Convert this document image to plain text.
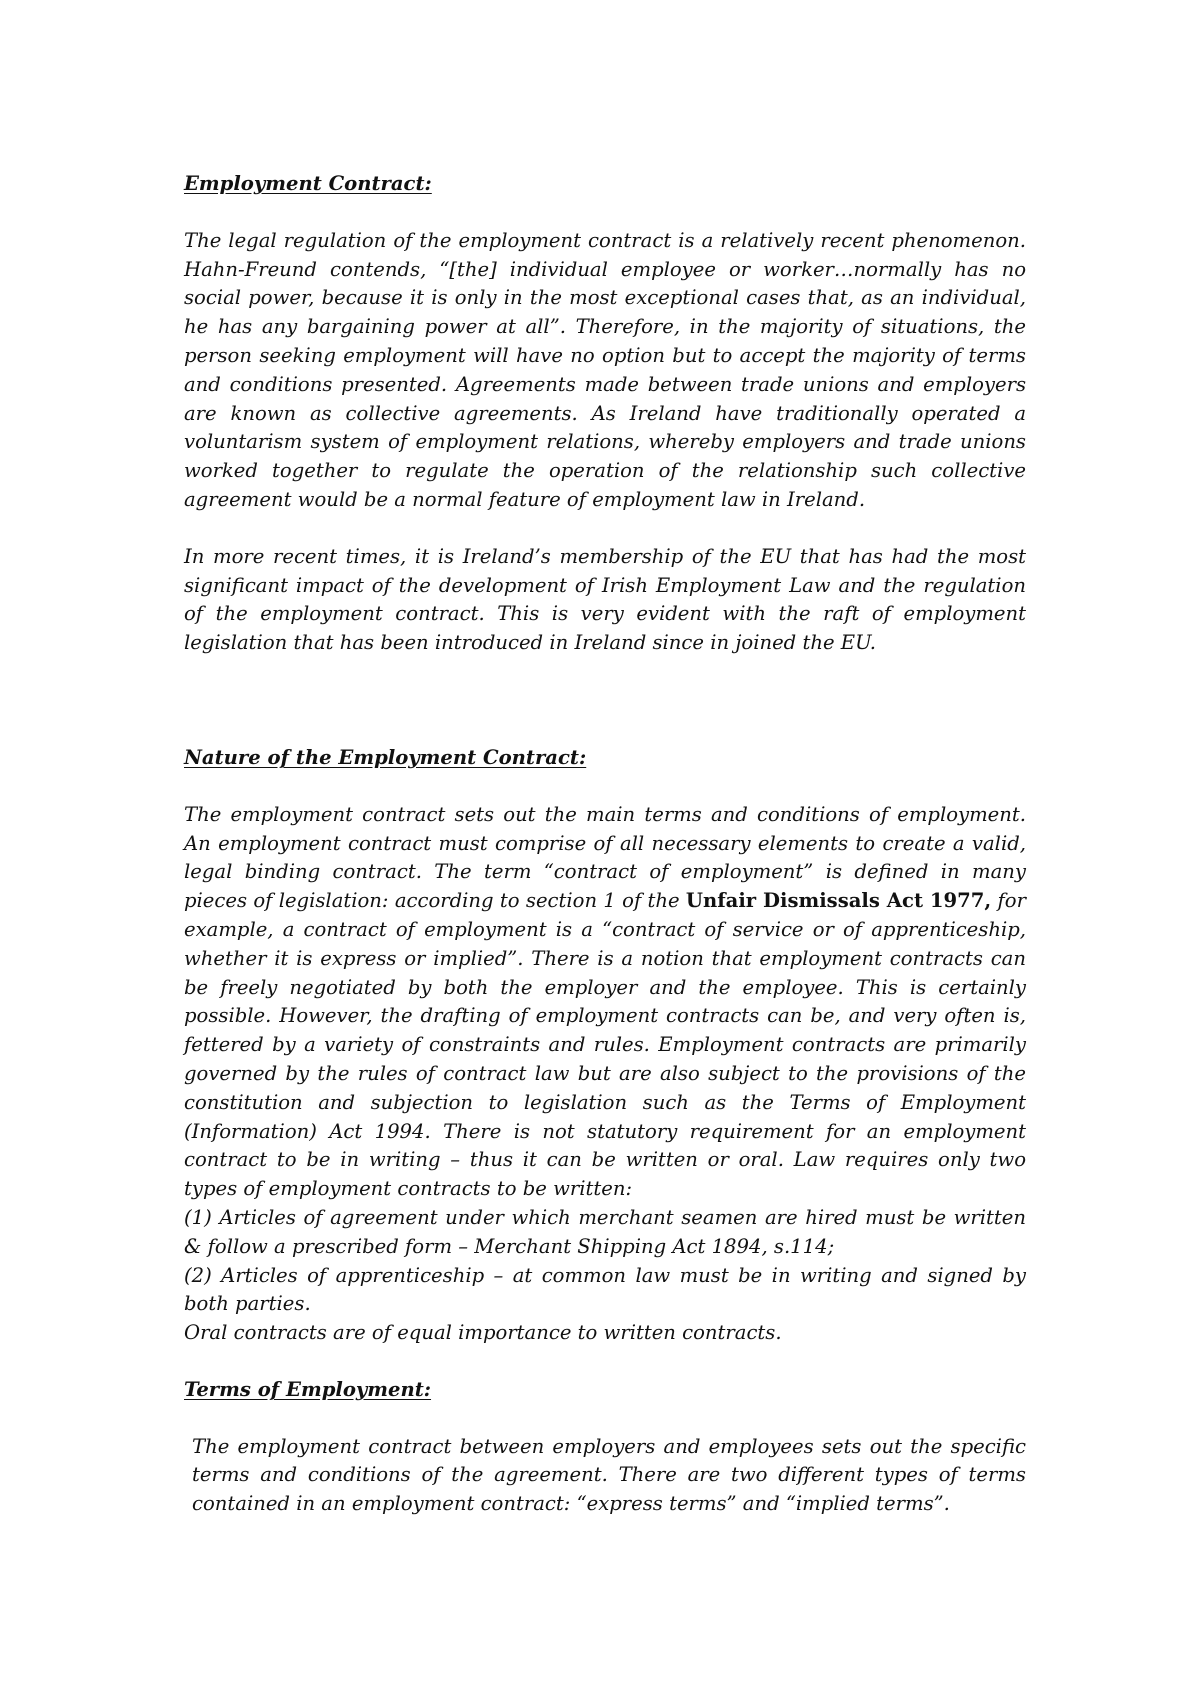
Employment Contract:

The legal regulation of the employment contract is a relatively recent phenomenon. Hahn-Freund contends, “[the] individual employee or worker…normally has no social power, because it is only in the most exceptional cases that, as an individual, he has any bargaining power at all”. Therefore, in the majority of situations, the person seeking employment will have no option but to accept the majority of terms and conditions presented. Agreements made between trade unions and employers are known as collective agreements. As Ireland have traditionally operated a voluntarism system of employment relations, whereby employers and trade unions worked together to regulate the operation of the relationship such collective agreement would be a normal feature of employment law in Ireland.

In more recent times, it is Ireland’s membership of the EU that has had the most significant impact of the development of Irish Employment Law and the regulation of the employment contract. This is very evident with the raft of employment legislation that has been introduced in Ireland since in joined the EU.

Nature of the Employment Contract:

The employment contract sets out the main terms and conditions of employment. An employment contract must comprise of all necessary elements to create a valid, legal binding contract. The term “contract of employment” is defined in many pieces of legislation: according to section 1 of the Unfair Dismissals Act 1977, for example, a contract of employment is a “contract of service or of apprenticeship, whether it is express or implied”. There is a notion that employment contracts can be freely negotiated by both the employer and the employee. This is certainly possible. However, the drafting of employment contracts can be, and very often is, fettered by a variety of constraints and rules. Employment contracts are primarily governed by the rules of contract law but are also subject to the provisions of the constitution and subjection to legislation such as the Terms of Employment (Information) Act 1994. There is not statutory requirement for an employment contract to be in writing – thus it can be written or oral. Law requires only two types of employment contracts to be written:

(1) Articles of agreement under which merchant seamen are hired must be written & follow a prescribed form – Merchant Shipping Act 1894, s.114;

(2) Articles of apprenticeship – at common law must be in writing and signed by both parties.

Oral contracts are of equal importance to written contracts.

Terms of Employment:

The employment contract between employers and employees sets out the specific terms and conditions of the agreement. There are two different types of terms contained in an employment contract: “express terms” and “implied terms”.
